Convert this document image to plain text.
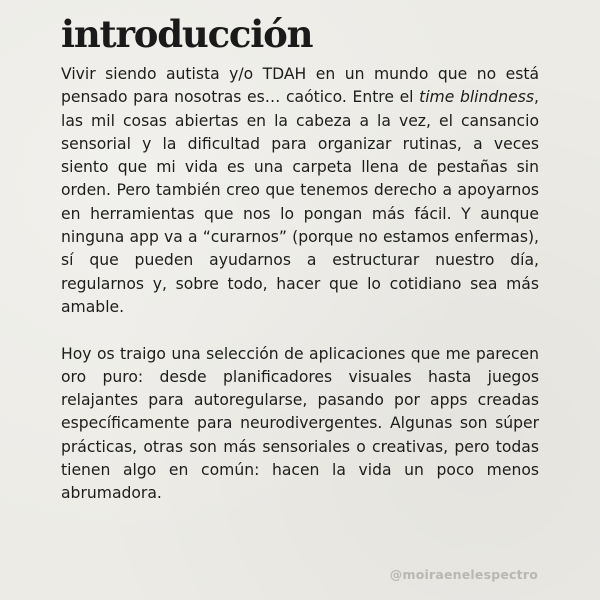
introducción

Vivir siendo autista y/o TDAH en un mundo que no está pensado para nosotras es… caótico. Entre el time blindness, las mil cosas abiertas en la cabeza a la vez, el cansancio sensorial y la dificultad para organizar rutinas, a veces siento que mi vida es una carpeta llena de pestañas sin orden. Pero también creo que tenemos derecho a apoyarnos en herramientas que nos lo pongan más fácil. Y aunque ninguna app va a “curarnos” (porque no estamos enfermas), sí que pueden ayudarnos a estructurar nuestro día, regularnos y, sobre todo, hacer que lo cotidiano sea más amable.

Hoy os traigo una selección de aplicaciones que me parecen oro puro: desde planificadores visuales hasta juegos relajantes para autoregularse, pasando por apps creadas específicamente para neurodivergentes. Algunas son súper prácticas, otras son más sensoriales o creativas, pero todas tienen algo en común: hacen la vida un poco menos abrumadora.

@moiraenelespectro
